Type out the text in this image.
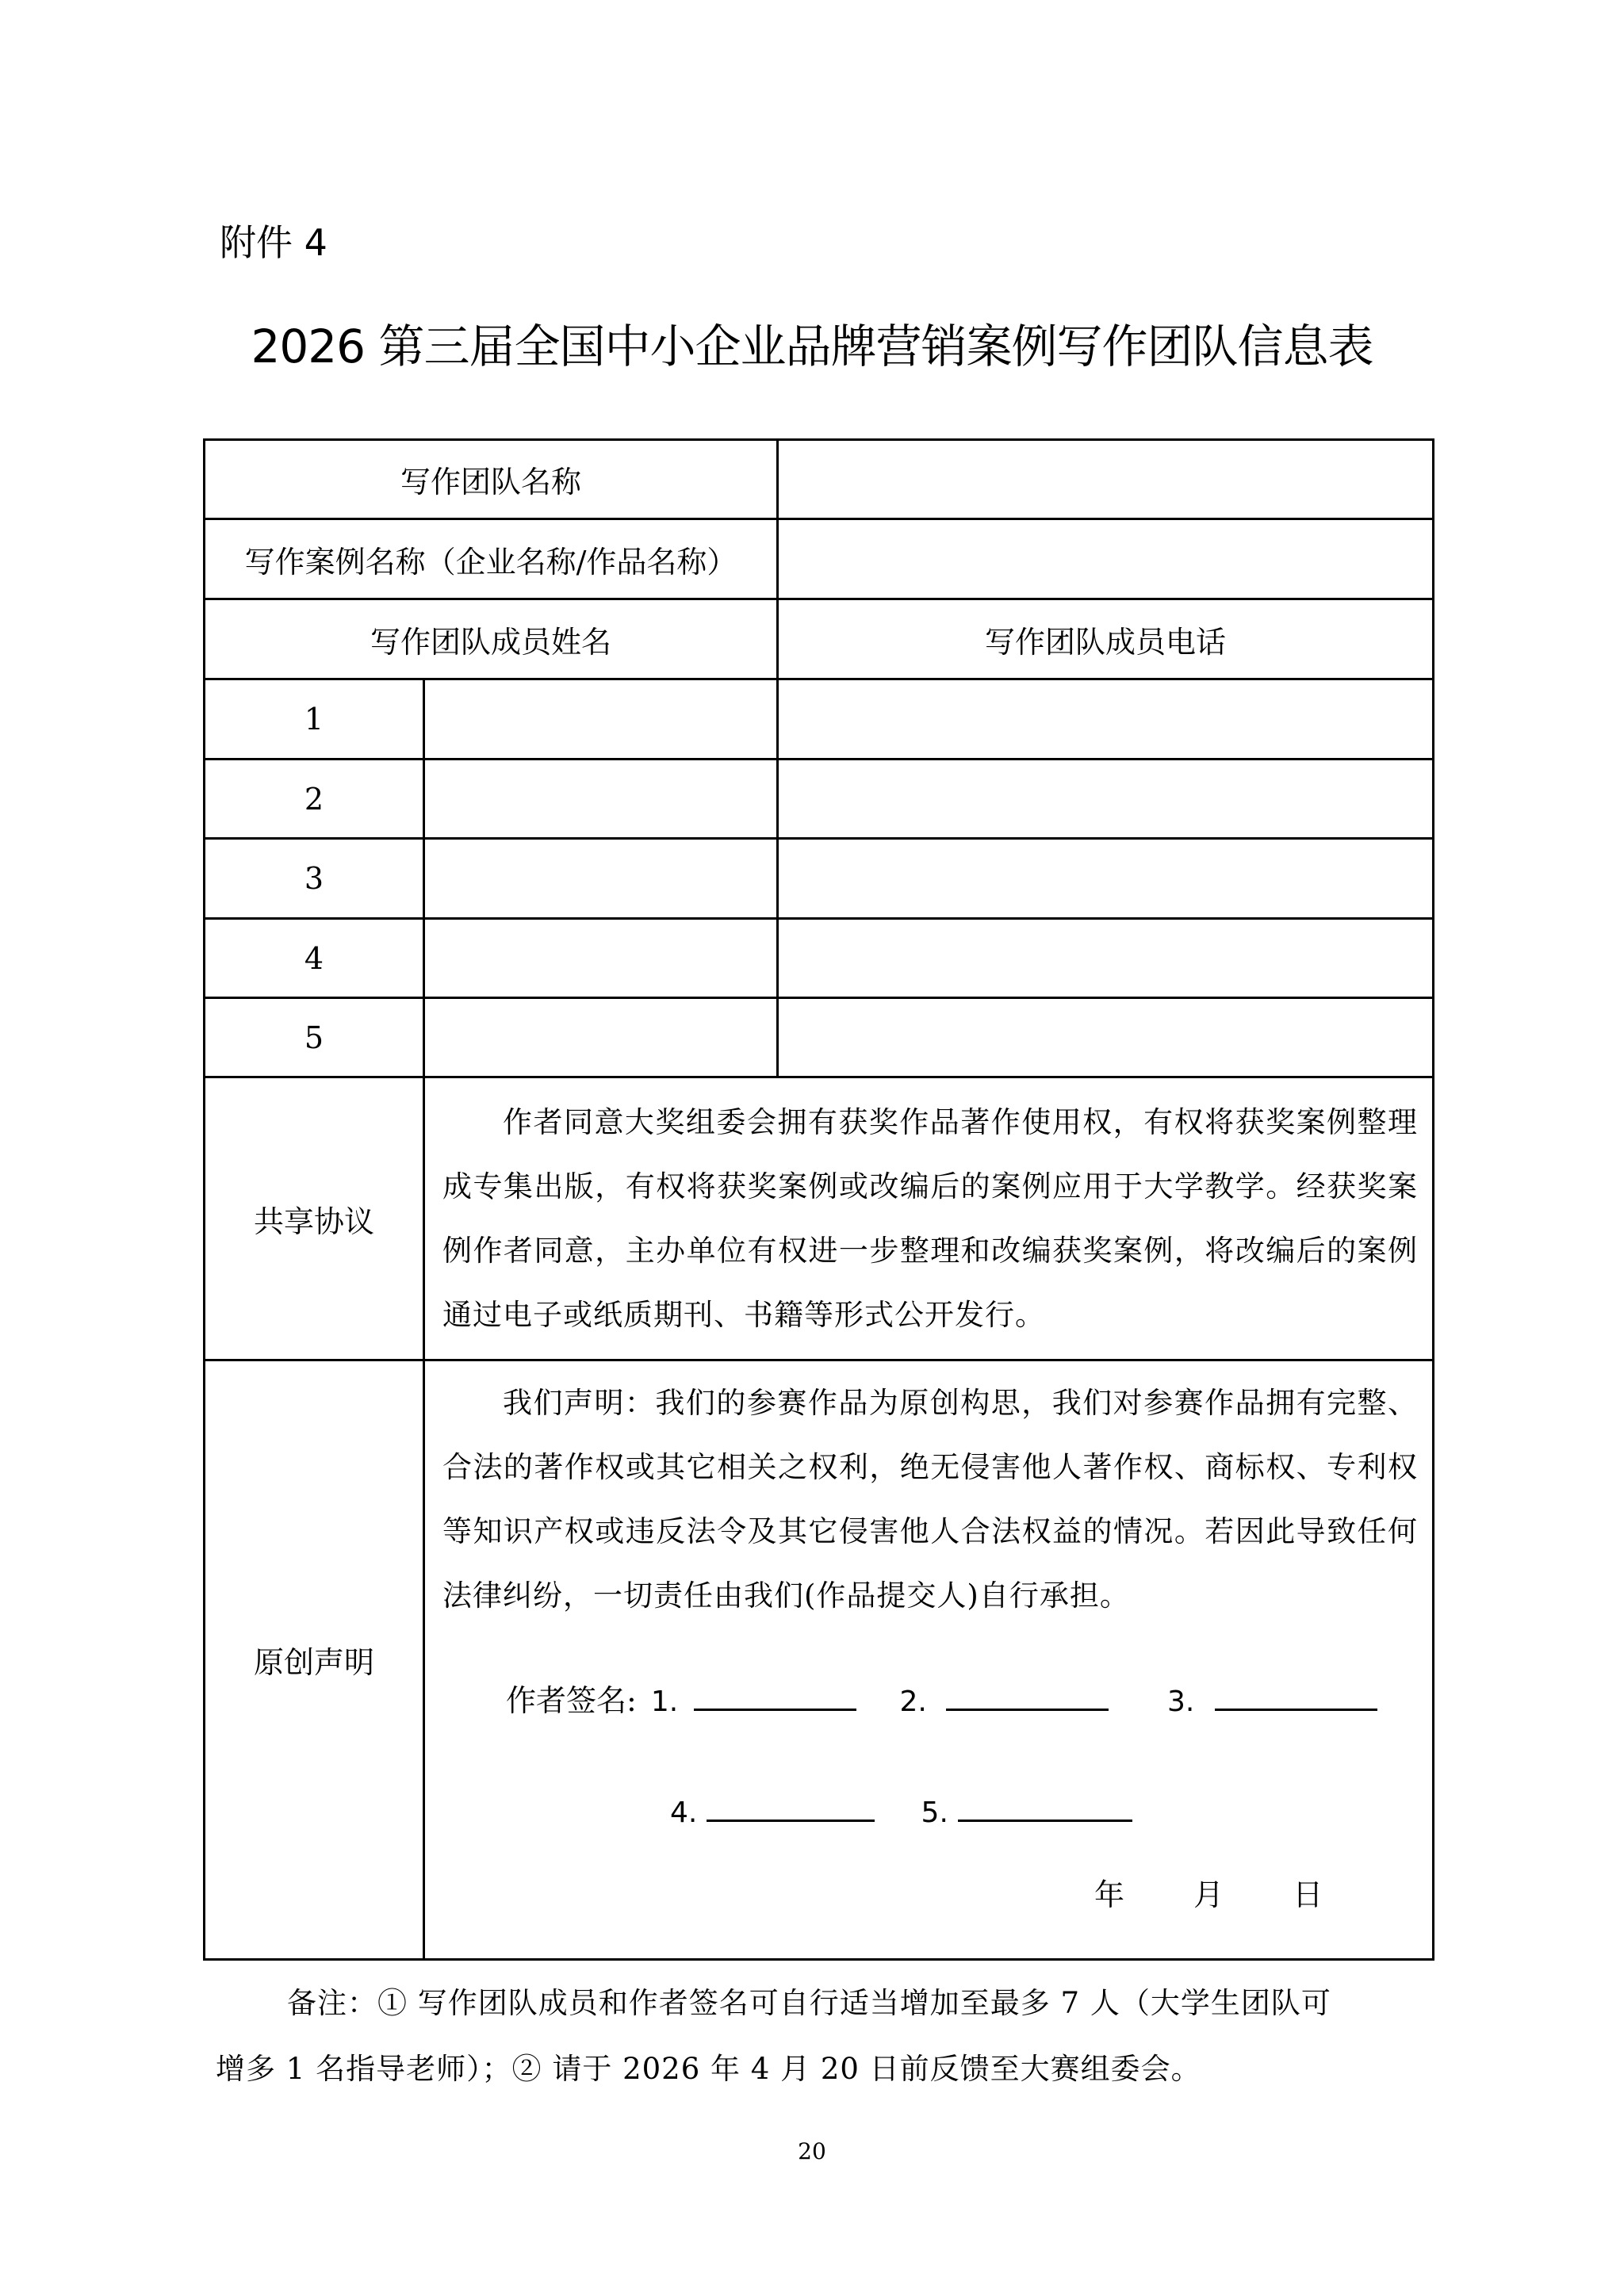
附件 4
2026 第三届全国中小企业品牌营销案例写作团队信息表
写作团队名称		
写作案例名称（企业名称/作品名称）		
写作团队成员姓名		写作团队成员电话
1		
2		
3		
4		
5		
共享协议	作者同意大奖组委会拥有获奖作品著作使用权，有权将获奖案例整理成专集出版，有权将获奖案例或改编后的案例应用于大学教学。经获奖案例作者同意，主办单位有权进一步整理和改编获奖案例，将改编后的案例通过电子或纸质期刊、书籍等形式公开发行。	

原创声明	我们声明：我们的参赛作品为原创构思，我们对参赛作品拥有完整、合法的著作权或其它相关之权利，绝无侵害他人著作权、商标权、专利权等知识产权或违反法令及其它侵害他人合法权益的情况。若因此导致任何法律纠纷，一切责任由我们(作品提交人)自行承担。
作者签名: 1. 2. 3.
4. 5.
年 月 日	
备注：① 写作团队成员和作者签名可自行适当增加至最多 7 人（大学生团队可
增多 1 名指导老师）；② 请于 2026 年 4 月 20 日前反馈至大赛组委会。
20
